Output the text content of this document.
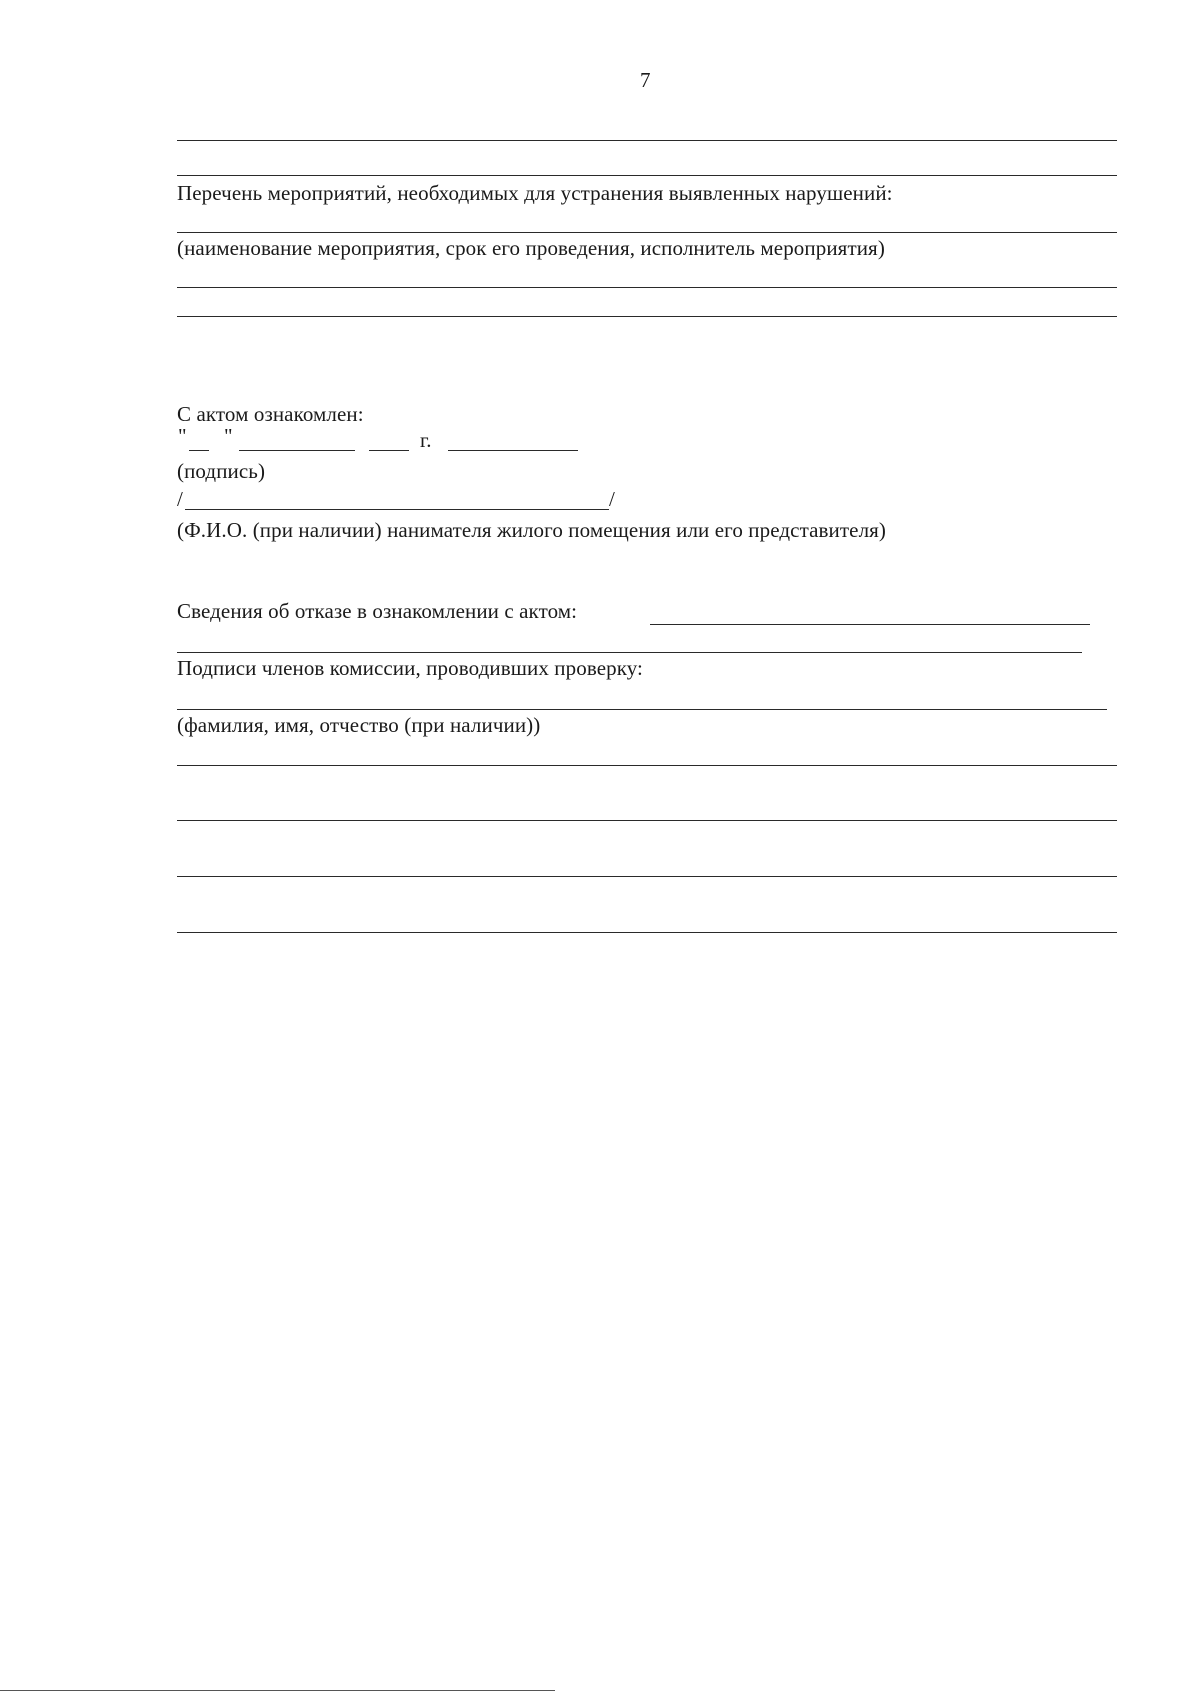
7
Перечень мероприятий, необходимых для устранения выявленных нарушений:
(наименование мероприятия, срок его проведения, исполнитель мероприятия)
С актом ознакомлен:
" "	г.
(подпись)
/	/
(Ф.И.О. (при наличии) нанимателя жилого помещения или его представителя)
Сведения об отказе в ознакомлении с актом:
Подписи членов комиссии, проводивших проверку:
(фамилия, имя, отчество (при наличии))
